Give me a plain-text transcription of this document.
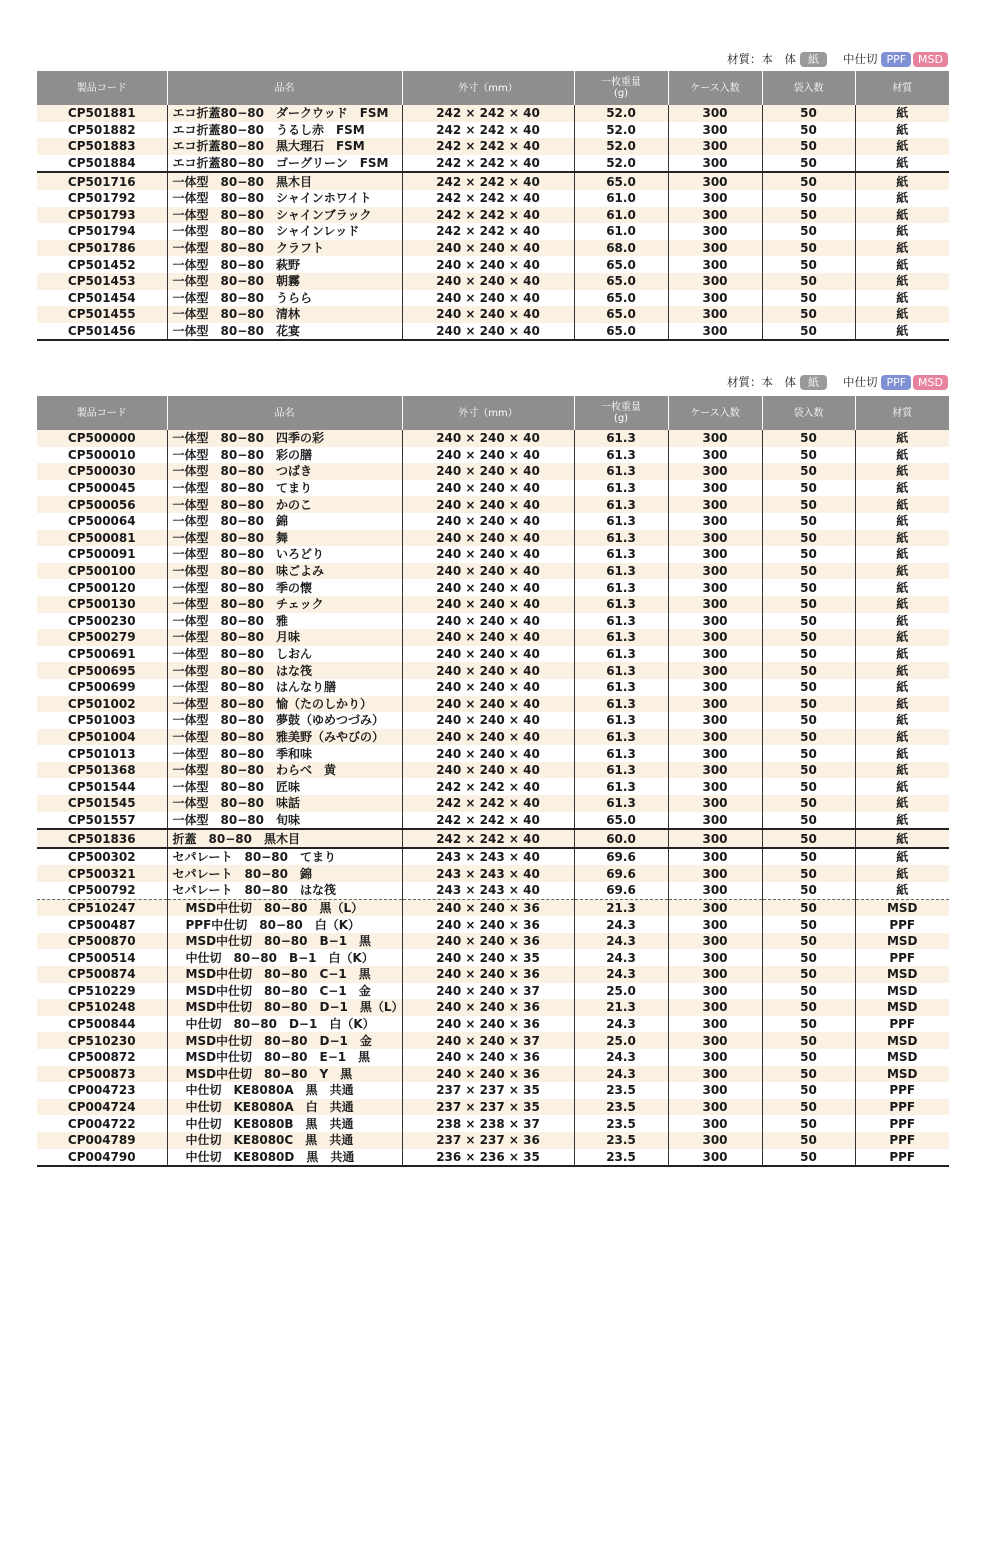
材質：本　体	紙	中仕切 PPF	MSD
製品コード	品名	外寸（mm）	一枚重量
(g)	ケース入数	袋入数	材質
CP501881	エコ折蓋80−80　ダークウッド　FSM	242 × 242 × 40	52.0	300	50	紙
CP501882	エコ折蓋80−80　うるし赤　FSM	242 × 242 × 40	52.0	300	50	紙
CP501883	エコ折蓋80−80　黒大理石　FSM	242 × 242 × 40	52.0	300	50	紙
CP501884	エコ折蓋80−80　ゴーグリーン　FSM	242 × 242 × 40	52.0	300	50	紙
CP501716	一体型　80−80　黒木目	242 × 242 × 40	65.0	300	50	紙
CP501792	一体型　80−80　シャインホワイト	242 × 242 × 40	61.0	300	50	紙
CP501793	一体型　80−80　シャインブラック	242 × 242 × 40	61.0	300	50	紙
CP501794	一体型　80−80　シャインレッド	242 × 242 × 40	61.0	300	50	紙
CP501786	一体型　80−80　クラフト	240 × 240 × 40	68.0	300	50	紙
CP501452	一体型　80−80　萩野	240 × 240 × 40	65.0	300	50	紙
CP501453	一体型　80−80　朝霧	240 × 240 × 40	65.0	300	50	紙
CP501454	一体型　80−80　うらら	240 × 240 × 40	65.0	300	50	紙
CP501455	一体型　80−80　清林	240 × 240 × 40	65.0	300	50	紙
CP501456	一体型　80−80　花宴	240 × 240 × 40	65.0	300	50	紙
材質：本　体	紙	中仕切 PPF	MSD
製品コード	品名	外寸（mm）	一枚重量
(g)	ケース入数	袋入数	材質
CP500000	一体型　80−80　四季の彩	240 × 240 × 40	61.3	300	50	紙
CP500010	一体型　80−80　彩の膳	240 × 240 × 40	61.3	300	50	紙
CP500030	一体型　80−80　つばき	240 × 240 × 40	61.3	300	50	紙
CP500045	一体型　80−80　てまり	240 × 240 × 40	61.3	300	50	紙
CP500056	一体型　80−80　かのこ	240 × 240 × 40	61.3	300	50	紙
CP500064	一体型　80−80　錦	240 × 240 × 40	61.3	300	50	紙
CP500081	一体型　80−80　舞	240 × 240 × 40	61.3	300	50	紙
CP500091	一体型　80−80　いろどり	240 × 240 × 40	61.3	300	50	紙
CP500100	一体型　80−80　味ごよみ	240 × 240 × 40	61.3	300	50	紙
CP500120	一体型　80−80　季の懐	240 × 240 × 40	61.3	300	50	紙
CP500130	一体型　80−80　チェック	240 × 240 × 40	61.3	300	50	紙
CP500230	一体型　80−80　雅	240 × 240 × 40	61.3	300	50	紙
CP500279	一体型　80−80　月味	240 × 240 × 40	61.3	300	50	紙
CP500691	一体型　80−80　しおん	240 × 240 × 40	61.3	300	50	紙
CP500695	一体型　80−80　はな筏	240 × 240 × 40	61.3	300	50	紙
CP500699	一体型　80−80　はんなり膳	240 × 240 × 40	61.3	300	50	紙
CP501002	一体型　80−80　愉（たのしかり）	240 × 240 × 40	61.3	300	50	紙
CP501003	一体型　80−80　夢鼓（ゆめつづみ）	240 × 240 × 40	61.3	300	50	紙
CP501004	一体型　80−80　雅美野（みやびの）	240 × 240 × 40	61.3	300	50	紙
CP501013	一体型　80−80　季和味	240 × 240 × 40	61.3	300	50	紙
CP501368	一体型　80−80　わらべ　黄	240 × 240 × 40	61.3	300	50	紙
CP501544	一体型　80−80　匠味	242 × 242 × 40	61.3	300	50	紙
CP501545	一体型　80−80　味話	242 × 242 × 40	61.3	300	50	紙
CP501557	一体型　80−80　旬味	242 × 242 × 40	65.0	300	50	紙
CP501836	折蓋　80−80　黒木目	242 × 242 × 40	60.0	300	50	紙
CP500302	セパレート　80−80　てまり	243 × 243 × 40	69.6	300	50	紙
CP500321	セパレート　80−80　錦	243 × 243 × 40	69.6	300	50	紙
CP500792	セパレート　80−80　はな筏	243 × 243 × 40	69.6	300	50	紙
CP510247	MSD中仕切　80−80　黒（L）	240 × 240 × 36	21.3	300	50	MSD
CP500487	PPF中仕切　80−80　白（K）	240 × 240 × 36	24.3	300	50	PPF
CP500870	MSD中仕切　80−80　B−1　黒	240 × 240 × 36	24.3	300	50	MSD
CP500514	中仕切　80−80　B−1　白（K）	240 × 240 × 35	24.3	300	50	PPF
CP500874	MSD中仕切　80−80　C−1　黒	240 × 240 × 36	24.3	300	50	MSD
CP510229	MSD中仕切　80−80　C−1　金	240 × 240 × 37	25.0	300	50	MSD
CP510248	MSD中仕切　80−80　D−1　黒（L）	240 × 240 × 36	21.3	300	50	MSD
CP500844	中仕切　80−80　D−1　白（K）	240 × 240 × 36	24.3	300	50	PPF
CP510230	MSD中仕切　80−80　D−1　金	240 × 240 × 37	25.0	300	50	MSD
CP500872	MSD中仕切　80−80　E−1　黒	240 × 240 × 36	24.3	300	50	MSD
CP500873	MSD中仕切　80−80　Y　黒	240 × 240 × 36	24.3	300	50	MSD
CP004723	中仕切　KE8080A　黒　共通	237 × 237 × 35	23.5	300	50	PPF
CP004724	中仕切　KE8080A　白　共通	237 × 237 × 35	23.5	300	50	PPF
CP004722	中仕切　KE8080B　黒　共通	238 × 238 × 37	23.5	300	50	PPF
CP004789	中仕切　KE8080C　黒　共通	237 × 237 × 36	23.5	300	50	PPF
CP004790	中仕切　KE8080D　黒　共通	236 × 236 × 35	23.5	300	50	PPF
